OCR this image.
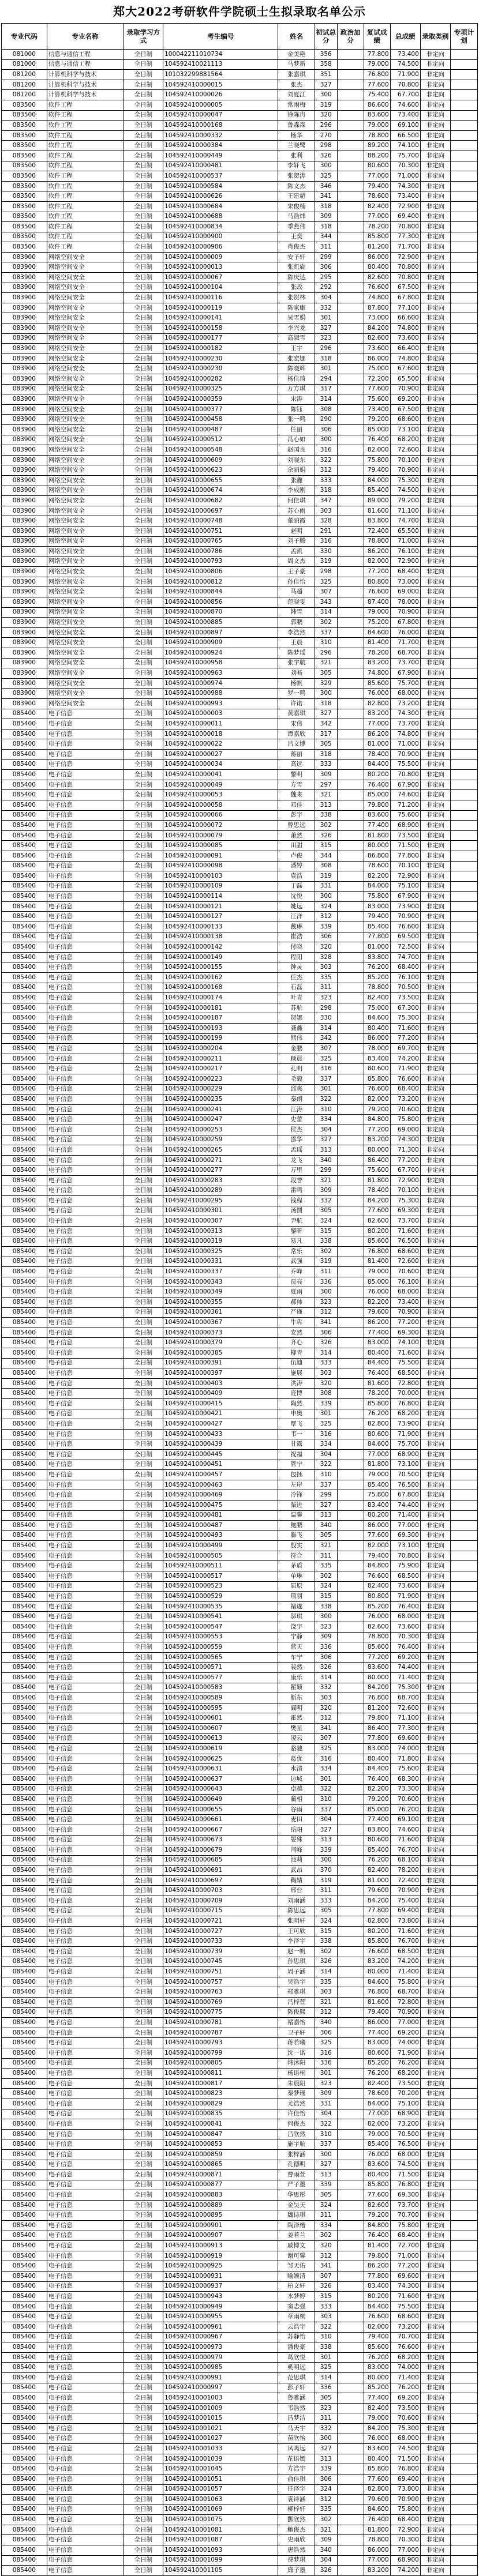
郑大2022考研软件学院硕士生拟录取名单公示
专业代码	专业名称	录取学习方式	考生编号	姓名	初试总分	政治加分	复试成绩	总成绩	录取类别	专项计划
081000	信息与通信工程	全日制	100042211010734	金美艳	356		77.800	73.400	非定向	
081000	信息与通信工程	全日制	104592410021113	马梦新	358		79.000	74.500	非定向	
081200	计算机科学与技术	全日制	101032299881564	张嘉琪	351		76.800	71.900	非定向	
081200	计算机科学与技术	全日制	104592410000015	张杰	327		77.600	70.800	非定向	
081200	计算机科学与技术	全日制	104592410000026	刘夏江	300		75.400	67.700	非定向	
083500	软件工程	全日制	104592410000005	常雨梅	319		86.600	74.600	非定向	
083500	软件工程	全日制	104592410000047	徐陈冉	320		83.600	73.400	非定向	
083500	软件工程	全日制	104592410000168	鲁森森	296		79.000	69.100	非定向	
083500	软件工程	全日制	104592410000332	杨华	270		78.800	66.500	非定向	
083500	软件工程	全日制	104592410000384	兰晓鹭	298		89.200	74.100	非定向	
083500	软件工程	全日制	104592410000449	张利	326		88.200	75.700	非定向	
083500	软件工程	全日制	104592410000481	李轩飞	300		80.600	70.300	非定向	
083500	软件工程	全日制	104592410000537	张贺涛	325		77.000	71.000	非定向	
083500	软件工程	全日制	104592410000584	陈文杰	346		79.400	74.300	非定向	
083500	软件工程	全日制	104592410000626	王建超	341		78.600	73.400	非定向	
083500	软件工程	全日制	104592410000684	宋俊楠	318		82.400	72.900	非定向	
083500	软件工程	全日制	104592410000688	马浩炜	309		77.000	69.400	非定向	
083500	软件工程	全日制	104592410000834	季燕伟	318		78.200	70.800	非定向	
083500	软件工程	全日制	104592410000900	王奕	344		85.800	77.300	非定向	
083500	软件工程	全日制	104592410000906	肖俊杰	311		81.200	71.700	非定向	
083900	网络空间安全	全日制	104592410000009	安子轩	299		86.000	72.900	非定向	
083900	网络空间安全	全日制	104592410000013	张凯旋	306		80.400	70.800	非定向	
083900	网络空间安全	全日制	104592410000067	陈庆达	295		82.600	70.800	非定向	
083900	网络空间安全	全日制	104592410000104	张政	292		76.600	67.500	非定向	
083900	网络空间安全	全日制	104592410000116	张贺林	304		74.800	67.800	非定向	
083900	网络空间安全	全日制	104592410000119	陈家康	332		87.800	77.100	非定向	
083900	网络空间安全	全日制	104592410000141	吴雪娟	301		73.000	66.600	非定向	
083900	网络空间安全	全日制	104592410000158	李兴龙	327		84.200	74.800	非定向	
083900	网络空间安全	全日制	104592410000177	高淑雪	323		82.600	73.600	非定向	
083900	网络空间安全	全日制	104592410000182	王宇	296		73.600	66.400	非定向	
083900	网络空间安全	全日制	104592410000230	张宏娜	318		86.000	74.800	非定向	
083900	网络空间安全	全日制	104592410000230	陈晓辉	301		75.000	67.600	非定向	
083900	网络空间安全	全日制	104592410000282	杨佳琦	294		72.200	65.500	非定向	
083900	网络空间安全	全日制	104592410000325	万方琪	317		77.600	70.900	非定向	
083900	网络空间安全	全日制	104592410000359	宋涛	314		75.600	69.200	非定向	
083900	网络空间安全	全日制	104592410000377	陈钰	308		73.400	67.500	非定向	
083900	网络空间安全	全日制	104592410000458	张一鸣	290		79.200	68.600	非定向	
083900	网络空间安全	全日制	104592410000487	任丽	306		85.000	73.100	非定向	
083900	网络空间安全	全日制	104592410000512	冯心如	300		76.400	68.200	非定向	
083900	网络空间安全	全日制	104592410000548	赵国良	316		82.000	72.600	非定向	
083900	网络空间安全	全日制	104592410000609	刘晓东	322		75.800	70.100	非定向	
083900	网络空间安全	全日制	104592410000623	余丽娟	312		79.400	70.900	非定向	
083900	网络空间安全	全日制	104592410000655	张鑫	333		84.000	75.300	非定向	
083900	网络空间安全	全日制	104592410000674	李成刚	318		85.400	74.500	非定向	
083900	网络空间安全	全日制	104592410000682	何佳琪	347		89.000	79.200	非定向	
083900	网络空间安全	全日制	104592410000697	苏心雨	303		81.600	71.100	非定向	
083900	网络空间安全	全日制	104592410000748	董丽霞	328		83.800	74.700	非定向	
083900	网络空间安全	全日制	104592410000751	赵明	291		72.400	65.500	非定向	
083900	网络空间安全	全日制	104592410000765	刘子腾	316		78.800	71.000	非定向	
083900	网络空间安全	全日制	104592410000786	孟凯	330		86.200	76.100	非定向	
083900	网络空间安全	全日制	104592410000793	周文杰	319		82.000	72.900	非定向	
083900	网络空间安全	全日制	104592410000806	王子豪	298		77.200	68.400	非定向	
083900	网络空间安全	全日制	104592410000812	孙佳怡	325		80.800	73.000	非定向	
083900	网络空间安全	全日制	104592410000844	马超	307		76.600	69.000	非定向	
083900	网络空间安全	全日制	104592410000856	范晓雯	343		87.400	78.000	非定向	
083900	网络空间安全	全日制	104592410000870	韩雪	314		79.000	70.900	非定向	
083900	网络空间安全	全日制	104592410000885	郭鹏	302		75.200	67.800	非定向	
083900	网络空间安全	全日制	104592410000897	李浩然	337		84.600	76.000	非定向	
083900	网络空间安全	全日制	104592410000909	王晨	310		81.400	71.700	非定向	
083900	网络空间安全	全日制	104592410000924	陈梦瑶	296		78.200	68.700	非定向	
083900	网络空间安全	全日制	104592410000958	张宇航	321		83.200	73.700	非定向	
083900	网络空间安全	全日制	104592410000963	刘畅	305		74.800	67.900	非定向	
083900	网络空间安全	全日制	104592410000974	杨帆	329		85.600	75.700	非定向	
083900	网络空间安全	全日制	104592410000988	罗一鸣	300		76.000	68.000	非定向	
083900	网络空间安全	全日制	104592410000993	许诺	318		82.800	73.200	非定向	
085400	电子信息	全日制	104592410000003	黄嘉琪	327		83.200	74.300	非定向	
085400	电子信息	全日制	104592410000011	宋伟	342		77.000	73.700	非定向	
085400	电子信息	全日制	104592410000018	谭嘉欣	317		86.200	74.800	非定向	
085400	电子信息	全日制	104592410000022	吕文博	305		81.000	71.000	非定向	
085400	电子信息	全日制	104592410000027	蒋丽	318		78.400	70.900	非定向	
085400	电子信息	全日制	104592410000034	高远	333		84.400	75.500	非定向	
085400	电子信息	全日制	104592410000041	黎明	309		80.200	70.800	非定向	
085400	电子信息	全日制	104592410000049	方雪	297		76.400	67.900	非定向	
085400	电子信息	全日制	104592410000053	魏来	321		85.000	74.600	非定向	
085400	电子信息	全日制	104592410000058	邓佳	313		79.800	71.200	非定向	
085400	电子信息	全日制	104592410000066	彭宇	338		83.600	75.600	非定向	
085400	电子信息	全日制	104592410000072	曾思远	302		77.400	68.900	非定向	
085400	电子信息	全日制	104592410000079	萧然	326		81.800	73.500	非定向	
085400	电子信息	全日制	104592410000085	田甜	315		80.000	71.500	非定向	
085400	电子信息	全日制	104592410000091	卢俊	344		86.800	77.800	非定向	
085400	电子信息	全日制	104592410000098	潘婷	308		78.600	70.100	非定向	
085400	电子信息	全日制	104592410000103	袁浩	319		82.200	72.900	非定向	
085400	电子信息	全日制	104592410000109	丁磊	331		84.000	75.100	非定向	
085400	电子信息	全日制	104592410000114	沈悦	300		75.800	67.900	非定向	
085400	电子信息	全日制	104592410000121	姚远	324		83.000	73.900	非定向	
085400	电子信息	全日制	104592410000127	汪洋	312		79.400	70.900	非定向	
085400	电子信息	全日制	104592410000133	戴琳	339		85.400	76.600	非定向	
085400	电子信息	全日制	104592410000138	崔浩	306		77.800	69.500	非定向	
085400	电子信息	全日制	104592410000142	付晓	320		81.000	72.500	非定向	
085400	电子信息	全日制	104592410000149	程阳	328		83.800	74.700	非定向	
085400	电子信息	全日制	104592410000155	钟灵	303		76.200	68.400	非定向	
085400	电子信息	全日制	104592410000162	任杰	335		85.200	76.100	非定向	
085400	电子信息	全日制	104592410000168	石磊	311		78.800	70.500	非定向	
085400	电子信息	全日制	104592410000174	叶青	323		82.400	73.500	非定向	
085400	电子信息	全日制	104592410000181	苏航	298		75.000	67.300	非定向	
085400	电子信息	全日制	104592410000187	贺娜	330		84.600	75.300	非定向	
085400	电子信息	全日制	104592410000193	龚鑫	314		80.400	71.600	非定向	
085400	电子信息	全日制	104592410000199	熊伟	342		86.000	77.200	非定向	
085400	电子信息	全日制	104592410000204	金鹏	307		78.000	69.700	非定向	
085400	电子信息	全日制	104592410000211	顾晨	325		83.400	74.200	非定向	
085400	电子信息	全日制	104592410000217	孔明	316		80.600	71.900	非定向	
085400	电子信息	全日制	104592410000223	毛毅	337		85.800	76.600	非定向	
085400	电子信息	全日制	104592410000229	邱爽	301		76.600	68.400	非定向	
085400	电子信息	全日制	104592410000235	秦朗	322		82.000	73.200	非定向	
085400	电子信息	全日制	104592410000241	江涛	310		79.200	70.600	非定向	
085400	电子信息	全日制	104592410000247	史蕾	334		84.800	75.800	非定向	
085400	电子信息	全日制	104592410000253	侯杰	304		77.200	69.000	非定向	
085400	电子信息	全日制	104592410000259	邵华	327		83.200	74.300	非定向	
085400	电子信息	全日制	104592410000265	孟瑶	313		80.000	71.300	非定向	
085400	电子信息	全日制	104592410000271	龙飞	340		86.400	77.200	非定向	
085400	电子信息	全日制	104592410000277	万里	299		75.600	67.700	非定向	
085400	电子信息	全日制	104592410000283	段誉	321		81.800	72.900	非定向	
085400	电子信息	全日制	104592410000289	雷鸣	309		78.400	70.100	非定向	
085400	电子信息	全日制	104592410000295	钱程	332		84.200	75.300	非定向	
085400	电子信息	全日制	104592410000301	汤圆	305		77.600	69.300	非定向	
085400	电子信息	全日制	104592410000307	尹航	324		82.600	73.700	非定向	
085400	电子信息	全日制	104592410000313	黎昕	315		80.200	71.600	非定向	
085400	电子信息	全日制	104592410000319	易凡	338		85.600	76.500	非定向	
085400	电子信息	全日制	104592410000325	常乐	302		76.800	68.600	非定向	
085400	电子信息	全日制	104592410000331	武强	319		81.400	72.600	非定向	
085400	电子信息	全日制	104592410000337	乔峰	311		79.000	70.600	非定向	
085400	电子信息	全日制	104592410000343	贾亮	336		85.000	76.100	非定向	
085400	电子信息	全日制	104592410000349	夏雨	300		76.000	68.000	非定向	
085400	电子信息	全日制	104592410000355	郝帅	323		82.200	73.400	非定向	
085400	电子信息	全日制	104592410000361	严谨	312		79.600	70.900	非定向	
085400	电子信息	全日制	104592410000367	牛犇	341		86.200	77.200	非定向	
085400	电子信息	全日制	104592410000373	安然	306		77.400	69.300	非定向	
085400	电子信息	全日制	104592410000379	齐心	326		83.000	74.100	非定向	
085400	电子信息	全日制	104592410000385	柳青	314		80.400	71.600	非定向	
085400	电子信息	全日制	104592410000391	伍迪	333		84.400	75.500	非定向	
085400	电子信息	全日制	104592410000397	施展	303		76.400	68.500	非定向	
085400	电子信息	全日制	104592410000403	洪涛	320		81.600	72.800	非定向	
085400	电子信息	全日制	104592410000409	庞博	308		78.200	70.000	非定向	
085400	电子信息	全日制	104592410000415	陶然	339		85.800	76.800	非定向	
085400	电子信息	全日制	104592410000421	申奥	301		76.200	68.200	非定向	
085400	电子信息	全日制	104592410000427	覃飞	325		82.800	73.900	非定向	
085400	电子信息	全日制	104592410000433	韦一	316		80.600	71.900	非定向	
085400	电子信息	全日制	104592410000439	甘露	334		84.600	75.700	非定向	
085400	电子信息	全日制	104592410000445	祝福	304		77.000	68.900	非定向	
085400	电子信息	全日制	104592410000451	管宁	322		81.800	73.100	非定向	
085400	电子信息	全日制	104592410000457	包拯	310		79.000	70.500	非定向	
085400	电子信息	全日制	104592410000463	左岸	337		85.400	76.500	非定向	
085400	电子信息	全日制	104592410000469	冷锋	299		75.800	67.800	非定向	
085400	电子信息	全日制	104592410000475	柴进	327		83.400	74.400	非定向	
085400	电子信息	全日制	104592410000481	温馨	313		80.200	71.400	非定向	
085400	电子信息	全日制	104592410000487	鲍鹏	340		86.000	77.000	非定向	
085400	电子信息	全日制	104592410000493	滕飞	305		77.600	69.300	非定向	
085400	电子信息	全日制	104592410000499	殷实	321		82.000	73.100	非定向	
085400	电子信息	全日制	104592410000505	符合	311		79.400	70.800	非定向	
085400	电子信息	全日制	104592410000511	茅盾	335		84.800	75.900	非定向	
085400	电子信息	全日制	104592410000517	单琳	302		76.600	68.500	非定向	
085400	电子信息	全日制	104592410000523	屈原	324		82.400	73.600	非定向	
085400	电子信息	全日制	104592410000529	项羽	315		80.800	71.900	非定向	
085400	电子信息	全日制	104592410000535	褚遂	338		85.200	76.400	非定向	
085400	电子信息	全日制	104592410000541	邬琪	300		76.000	68.000	非定向	
085400	电子信息	全日制	104592410000547	饶宇	323		82.600	73.600	非定向	
085400	电子信息	全日制	104592410000553	宁静	309		78.800	70.300	非定向	
085400	电子信息	全日制	104592410000559	蓝天	336		85.600	76.400	非定向	
085400	电子信息	全日制	104592410000565	车宁	306		77.200	69.200	非定向	
085400	电子信息	全日制	104592410000571	裴然	326		83.600	74.400	非定向	
085400	电子信息	全日制	104592410000577	康乐	314		80.000	71.400	非定向	
085400	电子信息	全日制	104592410000583	瞿颖	332		84.200	75.300	非定向	
085400	电子信息	全日制	104592410000589	靳东	303		76.800	68.700	非定向	
085400	电子信息	全日制	104592410000595	阎明	320		81.200	72.600	非定向	
085400	电子信息	全日制	104592410000601	霍然	312		79.800	71.100	非定向	
085400	电子信息	全日制	104592410000607	樊星	341		86.400	77.300	非定向	
085400	电子信息	全日制	104592410000613	凌云	307		77.800	69.600	非定向	
085400	电子信息	全日制	104592410000619	骆驰	325		83.000	74.000	非定向	
085400	电子信息	全日制	104592410000625	葛优	316		80.400	71.800	非定向	
085400	电子信息	全日制	104592410000631	水清	334		84.400	75.600	非定向	
085400	电子信息	全日制	104592410000637	边城	301		76.400	68.300	非定向	
085400	电子信息	全日制	104592410000643	卓越	322		82.200	73.300	非定向	
085400	电子信息	全日制	104592410000649	蔺相	310		79.200	70.600	非定向	
085400	电子信息	全日制	104592410000655	谷雨	337		85.000	76.200	非定向	
085400	电子信息	全日制	104592410000661	麦田	304		77.400	69.100	非定向	
085400	电子信息	全日制	104592410000667	岳阳	327		83.800	74.600	非定向	
085400	电子信息	全日制	104592410000673	晏殊	313		80.600	71.600	非定向	
085400	电子信息	全日制	104592410000679	闫峰	339		85.400	76.700	非定向	
085400	电子信息	全日制	104592410000685	池莉	300		76.200	68.100	非定向	
085400	电子信息	全日制	104592410000691	武昂	370		82.400	78.200	非定向	
085400	电子信息	全日制	104592410000697	鞠婧	319		81.000	72.400	非定向	
085400	电子信息	全日制	104592410000703	邢台	311		79.600	70.900	非定向	
085400	电子信息	全日制	104592410000709	刘雨涵	333		84.200	75.400	非定向	
085400	电子信息	全日制	104592410000715	陈思远	305		77.800	69.400	非定向	
085400	电子信息	全日制	104592410000721	张明轩	324		82.800	73.800	非定向	
085400	电子信息	全日制	104592410000727	王可欣	315		80.200	71.600	非定向	
085400	电子信息	全日制	104592410000733	李泽宇	338		85.800	76.700	非定向	
085400	电子信息	全日制	104592410000739	赵一帆	302		76.600	68.500	非定向	
085400	电子信息	全日制	104592410000745	孙思琪	326		83.200	74.200	非定向	
085400	电子信息	全日制	104592410000751	周子涵	314		80.000	71.400	非定向	
085400	电子信息	全日制	104592410000757	吴浩宇	335		84.600	75.800	非定向	
085400	电子信息	全日制	104592410000763	郑雅琪	303		76.800	68.700	非定向	
085400	电子信息	全日制	104592410000769	冯梓萱	321		81.600	72.800	非定向	
085400	电子信息	全日制	104592410000775	陈俊熙	312		79.400	70.900	非定向	
085400	电子信息	全日制	104592410000781	褚嘉怡	340		86.000	77.000	非定向	
085400	电子信息	全日制	104592410000787	卫子轩	306		77.400	69.200	非定向	
085400	电子信息	全日制	104592410000793	蒋若曦	325		83.000	74.000	非定向	
085400	电子信息	全日制	104592410000799	沈一诺	316		80.600	71.900	非定向	
085400	电子信息	全日制	104592410000805	韩沐阳	336		85.200	76.200	非定向	
085400	电子信息	全日制	104592410000811	杨语桐	301		76.200	68.200	非定向	
085400	电子信息	全日制	104592410000817	朱晨阳	323		82.400	73.500	非定向	
085400	电子信息	全日制	104592410000823	秦梦瑶	309		78.600	70.200	非定向	
085400	电子信息	全日制	104592410000829	尤浩然	331		84.000	75.100	非定向	
085400	电子信息	全日制	104592410000835	许佳怡	304		77.000	68.900	非定向	
085400	电子信息	全日制	104592410000841	何俊杰	322		82.000	73.200	非定向	
085400	电子信息	全日制	104592410000847	吕欣然	310		79.000	70.500	非定向	
085400	电子信息	全日制	104592410000853	施宇航	337		85.400	76.500	非定向	
085400	电子信息	全日制	104592410000859	张梓涵	300		76.000	68.000	非定向	
085400	电子信息	全日制	104592410000865	孔德明	327		83.600	74.500	非定向	
085400	电子信息	全日制	104592410000871	曹雨萱	313		80.400	71.500	非定向	
085400	电子信息	全日制	104592410000877	严子墨	339		85.800	76.800	非定向	
085400	电子信息	全日制	104592410000883	华思彤	305		77.600	69.300	非定向	
085400	电子信息	全日制	104592410000889	金昊天	324		82.600	73.700	非定向	
085400	电子信息	全日制	104592410000895	魏诗琪	311		79.200	70.700	非定向	
085400	电子信息	全日制	104592410000901	陶泽楷	334		84.800	75.800	非定向	
085400	电子信息	全日制	104592410000907	姜若兰	302		76.400	68.400	非定向	
085400	电子信息	全日制	104592410000913	戚博文	320		81.400	72.700	非定向	
085400	电子信息	全日制	104592410000919	谢可馨	312		79.800	71.000	非定向	
085400	电子信息	全日制	104592410000925	邹天佑	341		86.200	77.200	非定向	
085400	电子信息	全日制	104592410000931	喻婉清	307		77.800	69.600	非定向	
085400	电子信息	全日制	104592410000937	柏文轩	326		83.400	74.300	非定向	
085400	电子信息	全日制	104592410000943	水梦婷	315		80.200	71.600	非定向	
085400	电子信息	全日制	104592410000949	窦志强	333		84.400	75.500	非定向	
085400	电子信息	全日制	104592410000955	章雨桐	303		76.600	68.600	非定向	
085400	电子信息	全日制	104592410000961	云浩宇	322		82.000	73.200	非定向	
085400	电子信息	全日制	104592410000967	苏静怡	310		79.400	70.700	非定向	
085400	电子信息	全日制	104592410000973	潘俊豪	338		85.600	76.600	非定向	
085400	电子信息	全日制	104592410000979	葛欣悦	301		76.200	68.200	非定向	
085400	电子信息	全日制	104592410000985	奚明远	325		83.000	74.000	非定向	
085400	电子信息	全日制	104592410000991	范思琪	314		80.000	71.400	非定向	
085400	电子信息	全日制	104592410000997	彭子轩	336		85.200	76.200	非定向	
085400	电子信息	全日制	104592410001003	鲁雅涵	305		77.400	69.200	非定向	
085400	电子信息	全日制	104592410001009	韦浩然	323		82.400	73.500	非定向	
085400	电子信息	全日制	104592410001015	昌梦洁	311		79.000	70.600	非定向	
085400	电子信息	全日制	104592410001021	马天宇	332		84.200	75.300	非定向	
085400	电子信息	全日制	104592410001027	苗欣怡	300		76.000	68.000	非定向	
085400	电子信息	全日制	104592410001033	凤鸣远	327		83.600	74.500	非定向	
085400	电子信息	全日制	104592410001039	花语嫣	313		80.400	71.500	非定向	
085400	电子信息	全日制	104592410001045	方浩宇	339		85.800	76.800	非定向	
085400	电子信息	全日制	104592410001051	俞佳琪	306		77.600	69.400	非定向	
085400	电子信息	全日制	104592410001057	任泽宇	324		82.800	73.800	非定向	
085400	电子信息	全日制	104592410001063	袁诗涵	312		79.600	70.900	非定向	
085400	电子信息	全日制	104592410001069	柳梓轩	335		84.600	75.800	非定向	
085400	电子信息	全日制	104592410001075	酆欣然	302		76.400	68.400	非定向	
085400	电子信息	全日制	104592410001081	鲍俊杰	321		81.800	72.900	非定向	
085400	电子信息	全日制	104592410001087	史雨欣	309		78.800	70.300	非定向	
085400	电子信息	全日制	104592410001093	唐浩然	340		86.000	77.000	非定向	
085400	电子信息	全日制	104592410001099	费梦琪	304		77.000	68.900	非定向	
085400	电子信息	全日制	104592410001105	廉子墨	326		83.200	74.200	非定向	
